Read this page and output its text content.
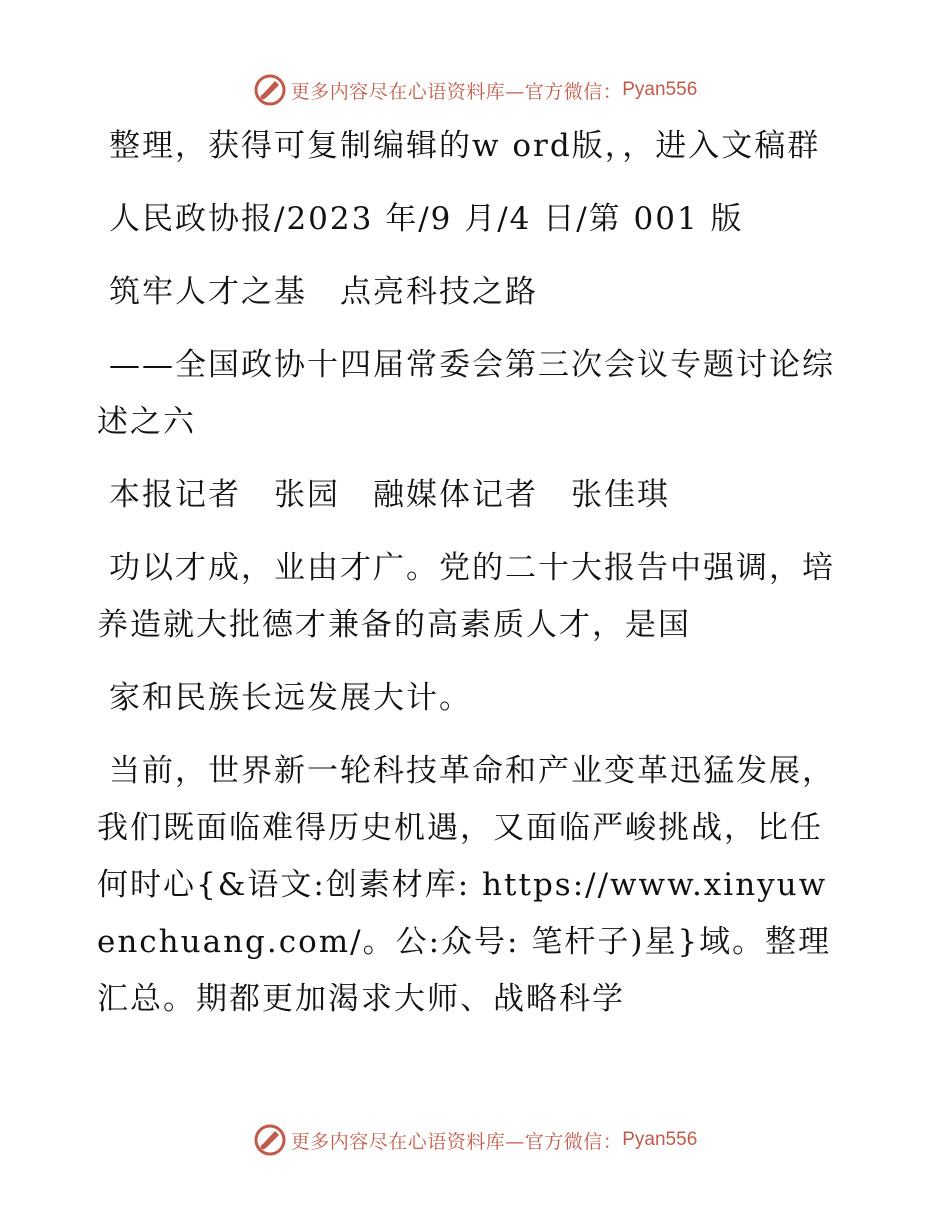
更多内容尽在心语资料库—官方微信： Pyan556

整理，获得可复制编辑的w ord版，，进入文稿群

人民政协报/2023 年/9 月/4 日/第 001 版

筑牢人才之基　点亮科技之路

——全国政协十四届常委会第三次会议专题讨论综述之六

本报记者　张园　融媒体记者　张佳琪

功以才成，业由才广。党的二十大报告中强调，培养造就大批德才兼备的高素质人才，是国

家和民族长远发展大计。

当前，世界新一轮科技革命和产业变革迅猛发展，我们既面临难得历史机遇，又面临严峻挑战，比任何时心{&语文:创素材库: https://www.xinyuwenchuang.com/。公:众号: 笔杆子)星}域。整理汇总。期都更加渴求大师、战略科学

更多内容尽在心语资料库—官方微信： Pyan556
